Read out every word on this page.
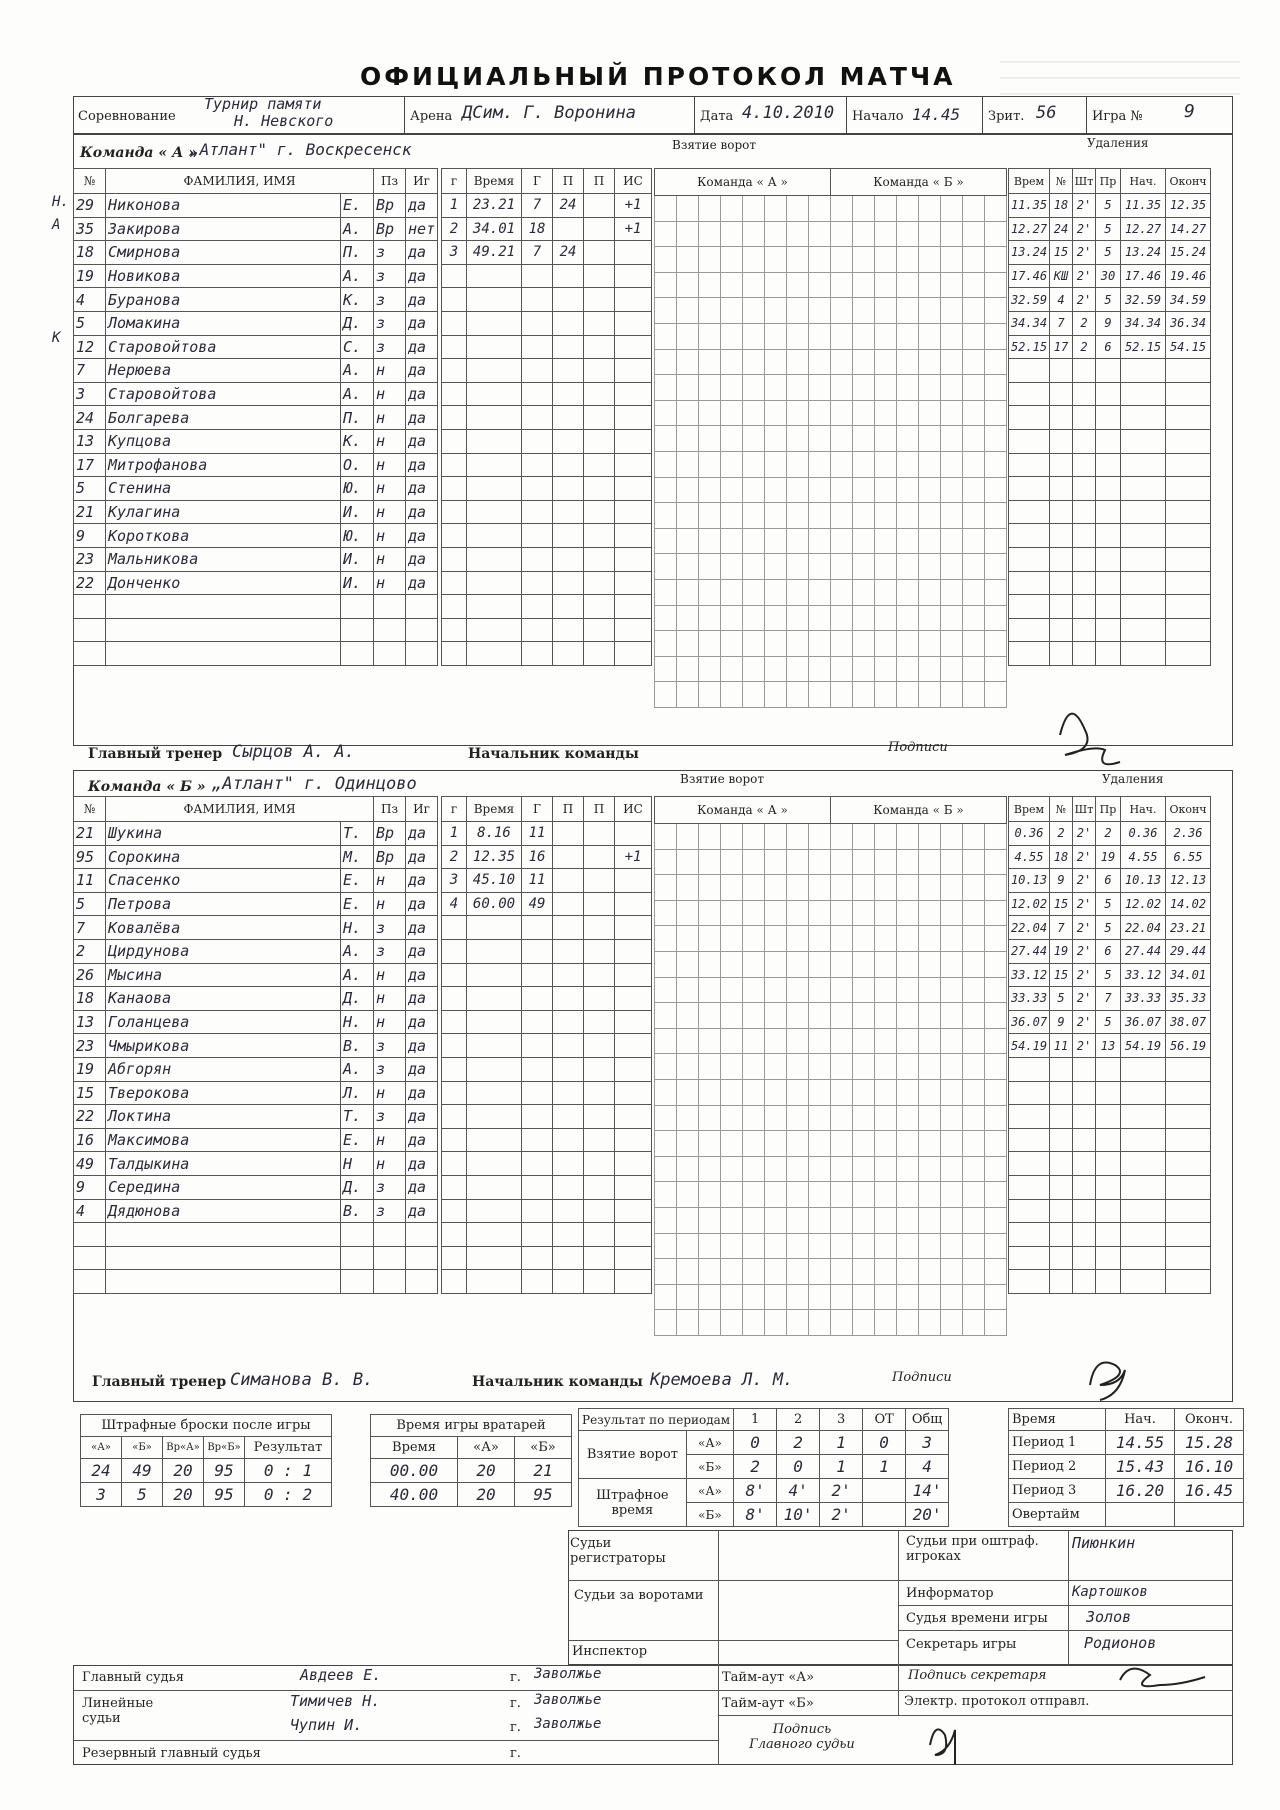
ОФИЦИАЛЬНЫЙ ПРОТОКОЛ МАТЧА
Соревнование
Турнир памяти
Н. Невского	Арена ДСим. Г. Воронина	Дата 4.10.2010 Начало 14.45 Зрит. 56	Игра № 9
Команда « А »
„Атлант" г. Воскресенск	Взятие ворот	Удаления
Н.
А
К
№	ФАМИЛИЯ, ИМЯ		Пз	Иг
29	Никонова	Е.	Вр	да
35	Закирова	А.	Вр	нет
18	Смирнова	П.	з	да
19	Новикова	А.	з	да
4	Буранова	К.	з	да
5	Ломакина	Д.	з	да
12	Старовойтова	С.	з	да
7	Нерюева	А.	н	да
3	Старовойтова	А.	н	да
24	Болгарева	П.	н	да
13	Купцова	К.	н	да
17	Митрофанова	О.	н	да
5	Стенина	Ю.	н	да
21	Кулагина	И.	н	да
9	Короткова	Ю.	н	да
23	Мальникова	И.	н	да
22	Донченко	И.	н	да

г	Время	Г	П	П	ИС
1	23.21	7	24		+1
2	34.01	18			+1
3	49.21	7	24		

Команда « А »								Команда « Б »							

																Врем	№	Шт	Пр	Нач.	Оконч
11.35	18	2'	5	11.35	12.35
12.27	24	2'	5	12.27	14.27
13.24	15	2'	5	13.24	15.24
17.46	КШ	2'	30	17.46	19.46
32.59	4	2'	5	32.59	34.59
34.34	7	2	9	34.34	36.34
52.15	17	2	6	52.15	54.15

Главный тренер Сырцов А. А.	Начальник команды	Подписи
Команда « Б » „Атлант" г. Одинцово	Взятие ворот	Удаления
№	ФАМИЛИЯ, ИМЯ		Пз	Иг
21	Шукина	Т.	Вр	да
95	Сорокина	М.	Вр	да
11	Спасенко	Е.	н	да
5	Петрова	Е.	н	да
7	Ковалёва	Н.	з	да
2	Цирдунова	А.	з	да
26	Мысина	А.	н	да
18	Канаова	Д.	н	да
13	Голанцева	Н.	н	да
23	Чмырикова	В.	з	да
19	Абгорян	А.	з	да
15	Тверокова	Л.	н	да
22	Локтина	Т.	з	да
16	Максимова	Е.	н	да
49	Талдыкина	Н	н	да
9	Середина	Д.	з	да
4	Дядюнова	В.	з	да

г	Время	Г	П	П	ИС
1	8.16	11			
2	12.35	16			+1
3	45.10	11			
4	60.00	49			

Команда « А »								Команда « Б »							

																Врем	№	Шт	Пр	Нач.	Оконч
0.36	2	2'	2	0.36	2.36
4.55	18	2'	19	4.55	6.55
10.13	9	2'	6	10.13	12.13
12.02	15	2'	5	12.02	14.02
22.04	7	2'	5	22.04	23.21
27.44	19	2'	6	27.44	29.44
33.12	15	2'	5	33.12	34.01
33.33	5	2'	7	33.33	35.33
36.07	9	2'	5	36.07	38.07
54.19	11	2'	13	54.19	56.19

Главный тренер Симанова В. В.	Начальник команды Кремоева Л. М.	Подписи
Штрафные броски после игры				
«А»	«Б»	Вр«А»	Вр«Б»	Результат
24	49	20	95	0 : 1
3	5	20	95	0 : 2
Время игры вратарей		
Время	«А»	«Б»
00.00	20	21
40.00	20	95
Результат по периодам		1	2	3	ОТ	Общ
Взятие ворот	«А»	0	2	1	0	3
	«Б»	2	0	1	1	4
Штрафное время	«А»	8'	4'	2'		14'
	«Б»	8'	10'	2'		20'
Время	Нач.	Оконч.
Период 1	14.55	15.28
Период 2	15.43	16.10
Период 3	16.20	16.45
Овертайм		
Судьи регистраторы
Судьи за воротами
Инспектор
Судьи при оштраф. игроках
Пиюнкин
Информатор	Картошков
Судья времени игры	Золов
Секретарь игры	Родионов
Главный судья	Авдеев Е.	г. Заволжье
Линейные судьи
Тимичев Н.	г. Заволжье
Чупин И.	г. Заволжье
Резервный главный судья	г.
Тайм-аут «А»
Тайм-аут «Б»
Подпись секретаря
Электр. протокол отправл.
Подпись Главного судьи
